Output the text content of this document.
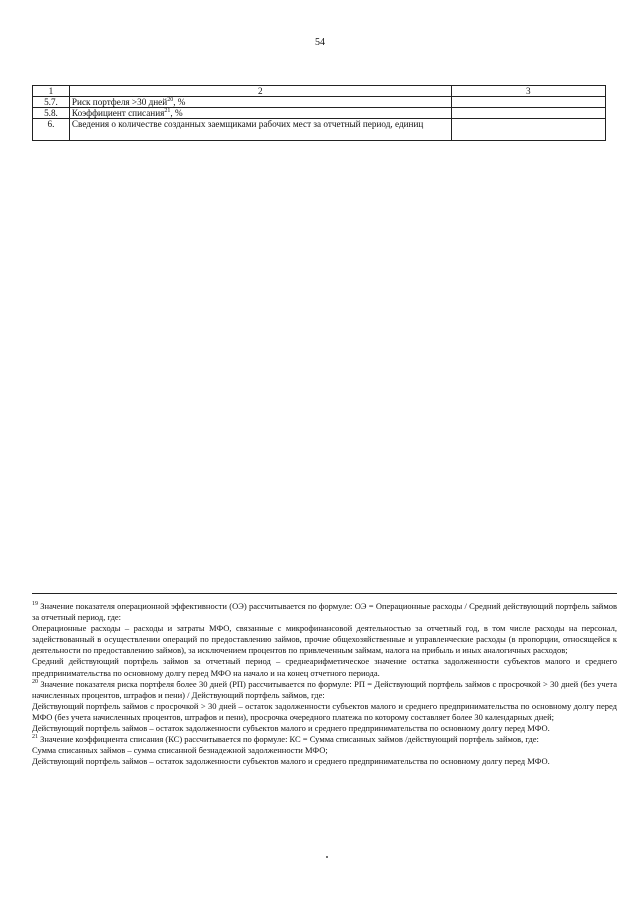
54
1	2	3
5.7.	Риск портфеля >30 дней$^{20}$, %	
5.8.	Коэффициент списания$^{21}$, %	
6.	Сведения о количестве созданных заемщиками рабочих мест за отчетный период, единиц	

$^{19}$ Значение показателя операционной эффективности (ОЭ) рассчитывается по формуле: ОЭ = Операционные расходы / Средний действующий портфель займов за отчетный период, где:

Операционные расходы – расходы и затраты МФО, связанные с микрофинансовой деятельностью за отчетный год, в том числе расходы на персонал, задействованный в осуществлении операций по предоставлению займов, прочие общехозяйственные и управленческие расходы (в пропорции, относящейся к деятельности по предоставлению займов), за исключением процентов по привлеченным займам, налога на прибыль и иных аналогичных расходов;

Средний действующий портфель займов за отчетный период – среднеарифметическое значение остатка задолженности субъектов малого и среднего предпринимательства по основному долгу перед МФО на начало и на конец отчетного периода.

$^{20}$ Значение показателя риска портфеля более 30 дней (РП) рассчитывается по формуле: РП = Действующий портфель займов с просрочкой > 30 дней (без учета начисленных процентов, штрафов и пени) / Действующий портфель займов, где:

Действующий портфель займов с просрочкой > 30 дней – остаток задолженности субъектов малого и среднего предпринимательства по основному долгу перед МФО (без учета начисленных процентов, штрафов и пени), просрочка очередного платежа по которому составляет более 30 календарных дней;

Действующий портфель займов – остаток задолженности субъектов малого и среднего предпринимательства по основному долгу перед МФО.

$^{21}$ Значение коэффициента списания (КС) рассчитывается по формуле: КС = Сумма списанных займов /действующий портфель займов, где:

Сумма списанных займов – сумма списанной безнадежной задолженности МФО;

Действующий портфель займов – остаток задолженности субъектов малого и среднего предпринимательства по основному долгу перед МФО.
